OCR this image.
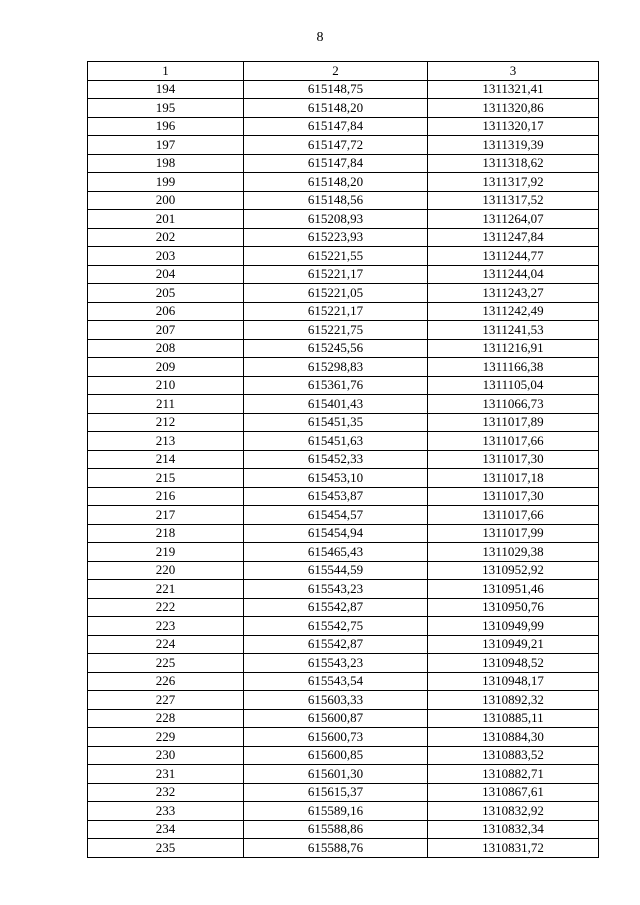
8
1	2	3
194	615148,75	1311321,41
195	615148,20	1311320,86
196	615147,84	1311320,17
197	615147,72	1311319,39
198	615147,84	1311318,62
199	615148,20	1311317,92
200	615148,56	1311317,52
201	615208,93	1311264,07
202	615223,93	1311247,84
203	615221,55	1311244,77
204	615221,17	1311244,04
205	615221,05	1311243,27
206	615221,17	1311242,49
207	615221,75	1311241,53
208	615245,56	1311216,91
209	615298,83	1311166,38
210	615361,76	1311105,04
211	615401,43	1311066,73
212	615451,35	1311017,89
213	615451,63	1311017,66
214	615452,33	1311017,30
215	615453,10	1311017,18
216	615453,87	1311017,30
217	615454,57	1311017,66
218	615454,94	1311017,99
219	615465,43	1311029,38
220	615544,59	1310952,92
221	615543,23	1310951,46
222	615542,87	1310950,76
223	615542,75	1310949,99
224	615542,87	1310949,21
225	615543,23	1310948,52
226	615543,54	1310948,17
227	615603,33	1310892,32
228	615600,87	1310885,11
229	615600,73	1310884,30
230	615600,85	1310883,52
231	615601,30	1310882,71
232	615615,37	1310867,61
233	615589,16	1310832,92
234	615588,86	1310832,34
235	615588,76	1310831,72
